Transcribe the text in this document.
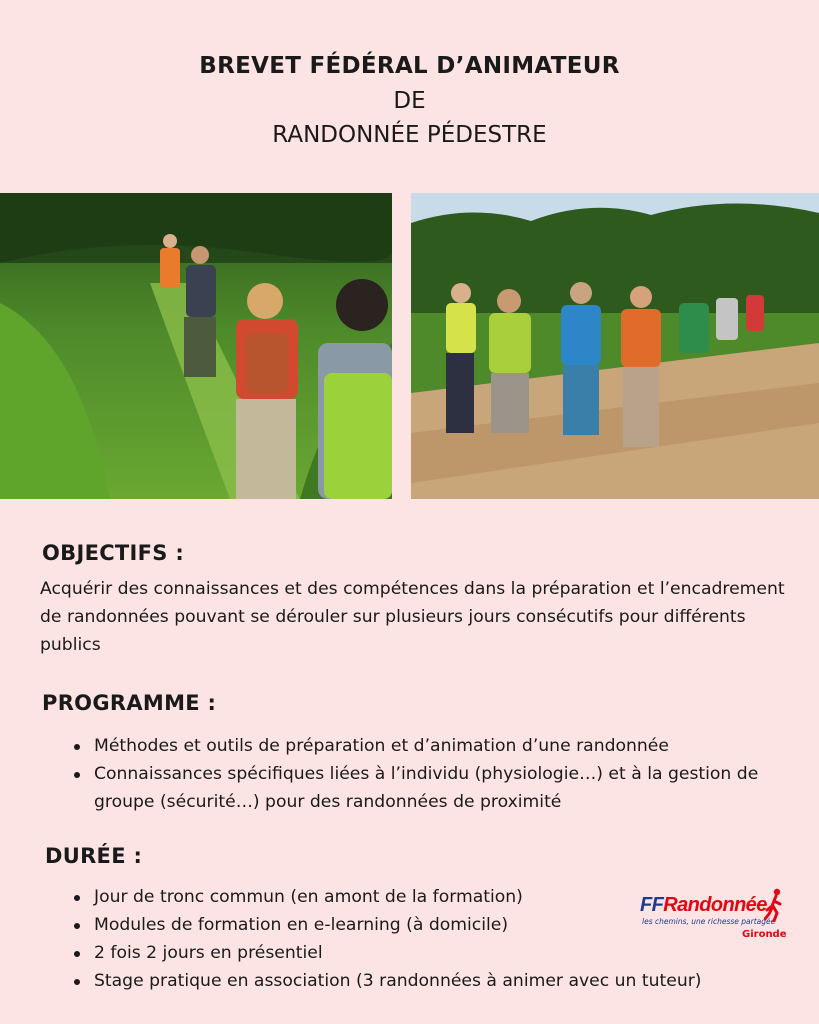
BREVET FÉDÉRAL D’ANIMATEUR
DE
RANDONNÉE PÉDESTRE
OBJECTIFS :
Acquérir des connaissances et des compétences dans la préparation et l’encadrement de randonnées pouvant se dérouler sur plusieurs jours consécutifs pour différents publics
PROGRAMME :
Méthodes et outils de préparation et d’animation d’une randonnée
Connaissances spécifiques liées à l’individu (physiologie…) et à la gestion de groupe (sécurité…) pour des randonnées de proximité
DURÉE :
Jour de tronc commun (en amont de la formation)
Modules de formation en e-learning (à domicile)
2 fois 2 jours en présentiel
Stage pratique en association (3 randonnées à animer avec un tuteur)
FFRandonnée
les chemins, une richesse partagée
Gironde
